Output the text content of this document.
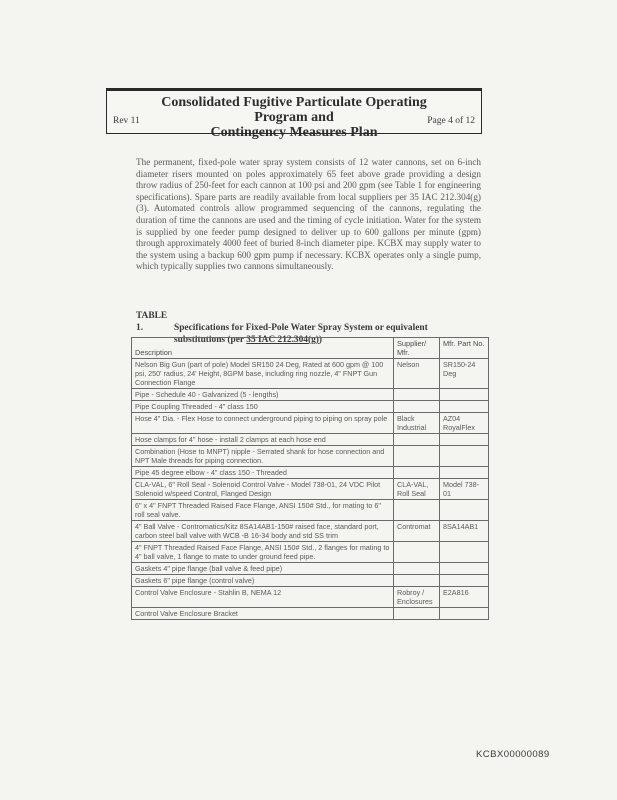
Consolidated Fugitive Particulate Operating Program and
Contingency Measures Plan
Rev 11	Page 4 of 12

The permanent, fixed-pole water spray system consists of 12 water cannons, set on 6-inch diameter risers mounted on poles approximately 65 feet above grade providing a design throw radius of 250-feet for each cannon at 100 psi and 200 gpm (see Table 1 for engineering specifications). Spare parts are readily available from local suppliers per 35 IAC 212.304(g)(3). Automated controls allow programmed sequencing of the cannons, regulating the duration of time the cannons are used and the timing of cycle initiation. Water for the system is supplied by one feeder pump designed to deliver up to 600 gallons per minute (gpm) through approximately 4000 feet of buried 8-inch diameter pipe. KCBX may supply water to the system using a backup 600 gpm pump if necessary. KCBX operates only a single pump, which typically supplies two cannons simultaneously.

TABLE 1.	Specifications for Fixed-Pole Water Spray System or equivalent
substitutions (per 35 IAC 212.304(g))
Description	Supplier/ Mfr.	Mfr. Part No.
Nelson Big Gun (part of pole) Model SR150 24 Deg, Rated at 600 gpm @ 100 psi, 250' radius, 24' Height, 8GPM base, including ring nozzle, 4" FNPT Gun Connection Flange	Nelson	SR150-24 Deg
Pipe - Schedule 40 - Galvanized (5 - lengths)		
Pipe Coupling Threaded - 4" class 150		
Hose 4" Dia. - Flex Hose to connect underground piping to piping on spray pole	Black Industrial	AZ04 RoyalFlex
Hose clamps for 4" hose - install 2 clamps at each hose end		
Combination (Hose to MNPT) nipple - Serrated shank for hose connection and NPT Male threads for piping connection.		
Pipe 45 degree elbow - 4" class 150 - Threaded		
CLA-VAL, 6" Roll Seal - Solenoid Control Valve - Model 738-01, 24 VDC Pilot Solenoid w/speed Control, Flanged Design	CLA-VAL, Roll Seal	Model 738-01
6" x 4" FNPT Threaded Raised Face Flange, ANSI 150# Std., for mating to 6" roll seal valve.		
4" Ball Valve - Contromatics/Kitz 8SA14AB1-150# raised face, standard port, carbon steel ball valve with WCB -B 16-34 body and std SS trim	Contromat	8SA14AB1
4" FNPT Threaded Raised Face Flange, ANSI 150# Std., 2 flanges for mating to 4" ball valve, 1 flange to mate to under ground feed pipe.		
Gaskets 4" pipe flange (ball valve & feed pipe)		
Gaskets 6" pipe flange (control valve)		
Control Valve Enclosure - Stahlin B, NEMA 12	Robroy / Enclosures	E2A816
Control Valve Enclosure Bracket		
KCBX00000089
